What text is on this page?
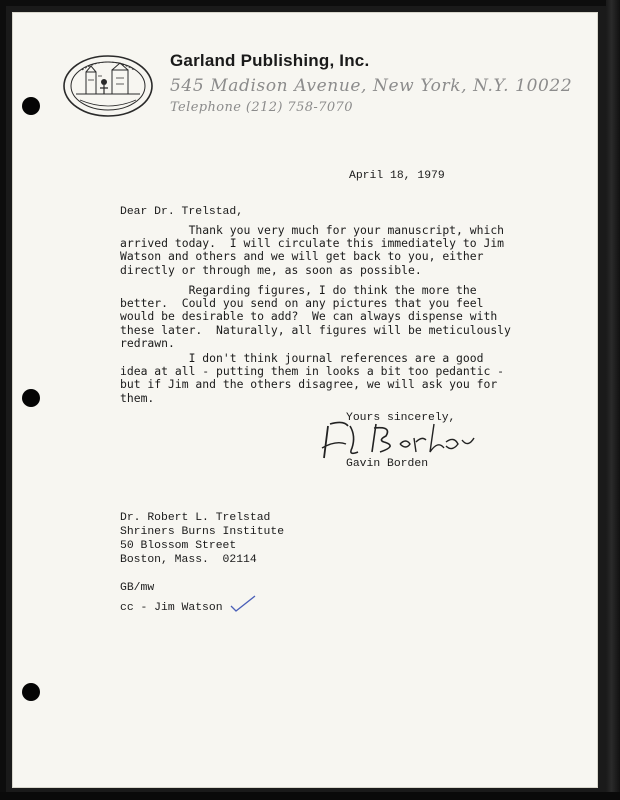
Garland Publishing, Inc.
545 Madison Avenue, New York, N.Y. 10022
Telephone (212) 758-7070
April 18, 1979
Dear Dr. Trelstad,
Thank you very much for your manuscript, which
arrived today.  I will circulate this immediately to Jim
Watson and others and we will get back to you, either
directly or through me, as soon as possible.
Regarding figures, I do think the more the
better.  Could you send on any pictures that you feel
would be desirable to add?  We can always dispense with
these later.  Naturally, all figures will be meticulously
redrawn.
I don't think journal references are a good
idea at all - putting them in looks a bit too pedantic -
but if Jim and the others disagree, we will ask you for
them.
Yours sincerely,
Gavin Borden
Dr. Robert L. Trelstad
Shriners Burns Institute
50 Blossom Street
Boston, Mass.  02114
GB/mw
cc - Jim Watson
